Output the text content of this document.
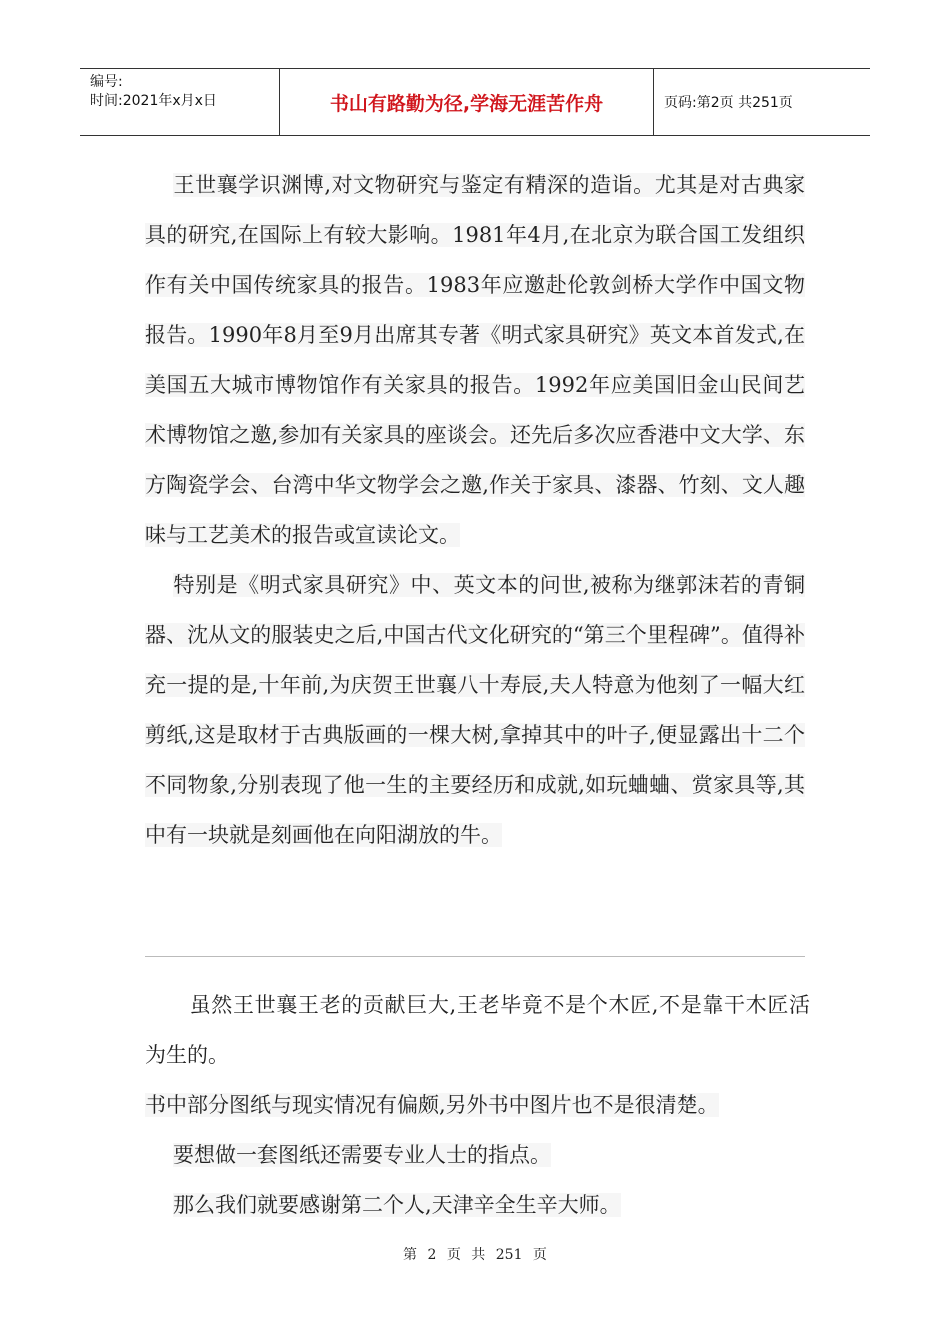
编号:
时间:2021年x月x日	书山有路勤为径,学海无涯苦作舟	页码:第2页 共251页

王世襄学识渊博,对文物研究与鉴定有精深的造诣。尤其是对古典家具的研究,在国际上有较大影响。1981年4月,在北京为联合国工发组织作有关中国传统家具的报告。1983年应邀赴伦敦剑桥大学作中国文物报告。1990年8月至9月出席其专著《明式家具研究》英文本首发式,在美国五大城市博物馆作有关家具的报告。1992年应美国旧金山民间艺术博物馆之邀,参加有关家具的座谈会。还先后多次应香港中文大学、东方陶瓷学会、台湾中华文物学会之邀,作关于家具、漆器、竹刻、文人趣味与工艺美术的报告或宣读论文。

特别是《明式家具研究》中、英文本的问世,被称为继郭沫若的青铜器、沈从文的服装史之后,中国古代文化研究的“第三个里程碑”。值得补充一提的是,十年前,为庆贺王世襄八十寿辰,夫人特意为他刻了一幅大红剪纸,这是取材于古典版画的一棵大树,拿掉其中的叶子,便显露出十二个不同物象,分别表现了他一生的主要经历和成就,如玩蛐蛐、赏家具等,其中有一块就是刻画他在向阳湖放的牛。

虽然王世襄王老的贡献巨大,王老毕竟不是个木匠,不是靠干木匠活为生的。

书中部分图纸与现实情况有偏颇,另外书中图片也不是很清楚。

要想做一套图纸还需要专业人士的指点。

那么我们就要感谢第二个人,天津辛全生辛大师。

第 2 页 共 251 页
